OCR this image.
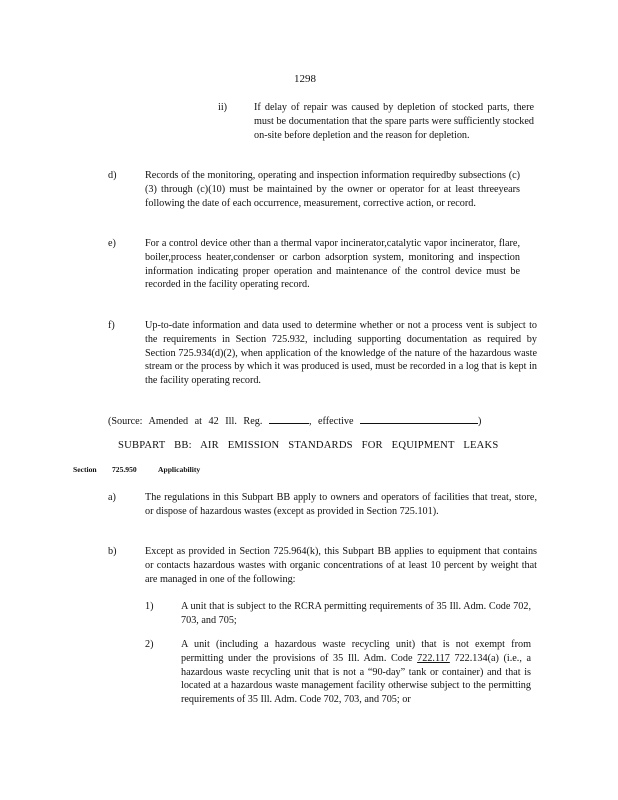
1298
ii)	If delay of repair was caused by depletion of stocked parts, there must be documentation that the spare parts were sufficiently stocked on-site before depletion and the reason for depletion.
d)	Records of the monitoring, operating and inspection information requiredby subsections (c)(3) through (c)(10) must be maintained by the owner or operator for at least threeyears following the date of each occurrence, measurement, corrective action, or record.
e)	For a control device other than a thermal vapor incinerator,catalytic vapor incinerator, flare, boiler,process heater,condenser or carbon adsorption system, monitoring and inspection information indicating proper operation and maintenance of the control device must be recorded in the facility operating record.
f)	Up-to-date information and data used to determine whether or not a process vent is subject to the requirements in Section 725.932, including supporting documentation as required by Section 725.934(d)(2), when application of the knowledge of the nature of the hazardous waste stream or the process by which it was produced is used, must be recorded in a log that is kept in the facility operating record.
(Source: Amended at 42 Ill. Reg.	, effective	)
SUBPART BB: AIR EMISSION STANDARDS FOR EQUIPMENT LEAKS
Section 725.950	Applicability
a)	The regulations in this Subpart BB apply to owners and operators of facilities that treat, store, or dispose of hazardous wastes (except as provided in Section 725.101).
b)	Except as provided in Section 725.964(k), this Subpart BB applies to equipment that contains or contacts hazardous wastes with organic concentrations of at least 10 percent by weight that are managed in one of the following:
1)	A unit that is subject to the RCRA permitting requirements of 35 Ill. Adm. Code 702, 703, and 705;
2)	A unit (including a hazardous waste recycling unit) that is not exempt from permitting under the provisions of 35 Ill. Adm. Code 722.117 722.134(a) (i.e., a hazardous waste recycling unit that is not a “90-day” tank or container) and that is located at a hazardous waste management facility otherwise subject to the permitting requirements of 35 Ill. Adm. Code 702, 703, and 705; or
